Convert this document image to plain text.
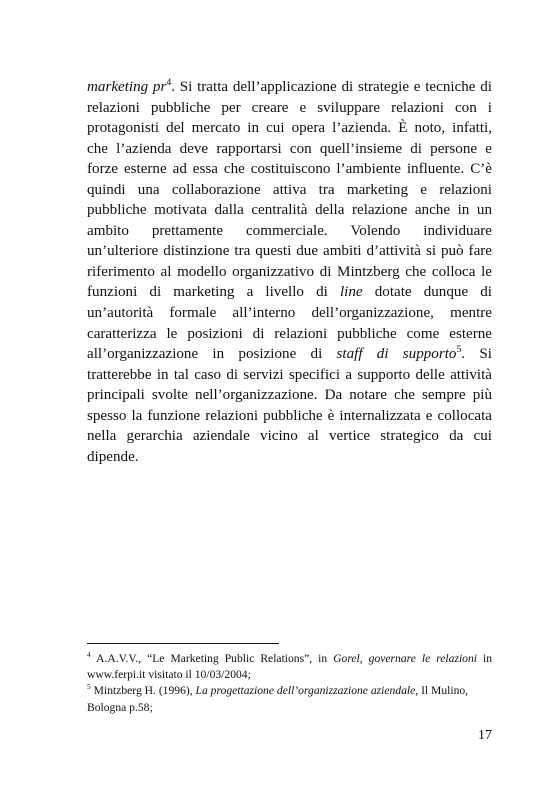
marketing $pr^4$. Si tratta dell’applicazione di strategie e tecniche di
relazioni pubbliche per creare e sviluppare relazioni con i
protagonisti del mercato in cui opera l’azienda. È noto, infatti,
che l’azienda deve rapportarsi con quell’insieme di persone e
forze esterne ad essa che costituiscono l’ambiente influente. C’è
quindi una collaborazione attiva tra marketing e relazioni
pubbliche motivata dalla centralità della relazione anche in un
ambito prettamente commerciale. Volendo individuare
un’ulteriore distinzione tra questi due ambiti d’attività si può fare
riferimento al modello organizzativo di Mintzberg che colloca le
funzioni di marketing a livello di line dotate dunque di
un’autorità formale all’interno dell’organizzazione, mentre
caratterizza le posizioni di relazioni pubbliche come esterne
all’organizzazione in posizione di staff di supporto$^5$. Si
tratterebbe in tal caso di servizi specifici a supporto delle attività
principali svolte nell’organizzazione. Da notare che sempre più
spesso la funzione relazioni pubbliche è internalizzata e collocata
nella gerarchia aziendale vicino al vertice strategico da cui
dipende.
$^4$ A.A.V.V., “Le Marketing Public Relations”, in Gorel, governare le relazioni in
www.ferpi.it visitato il 10/03/2004;
$^5$ Mintzberg H. (1996), La progettazione dell’organizzazione aziendale, Il Mulino,
Bologna p.58;
17
